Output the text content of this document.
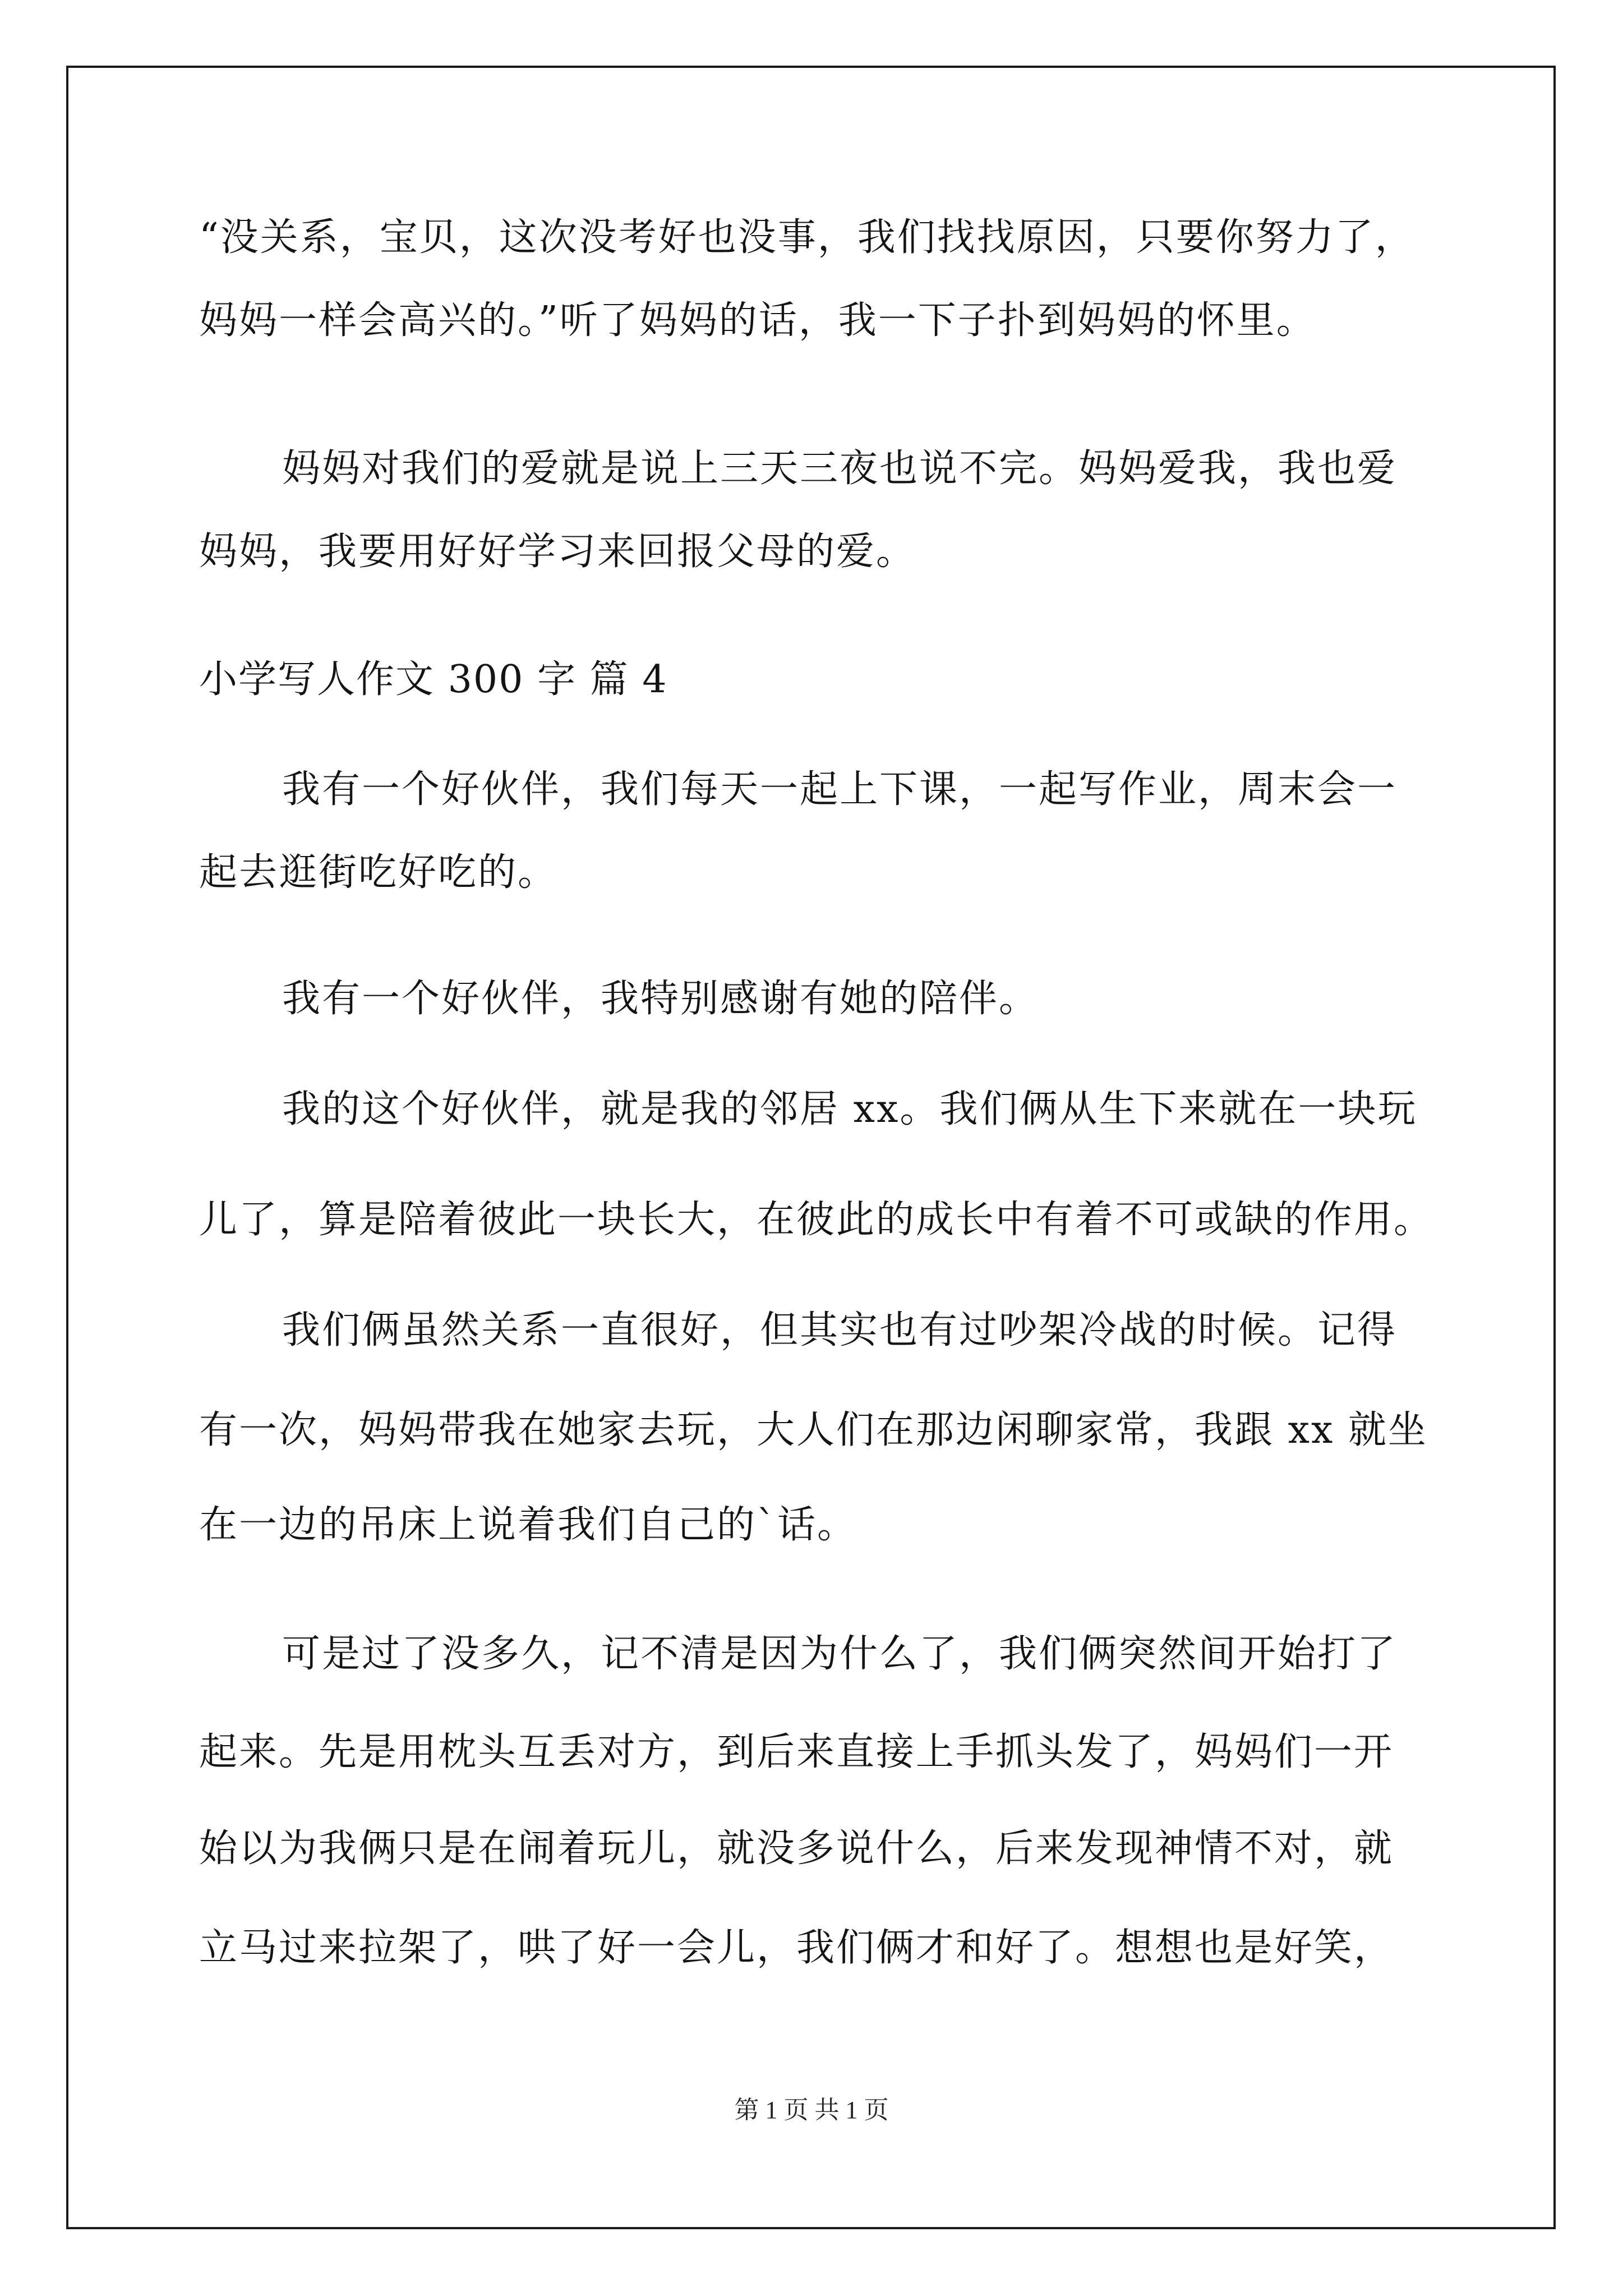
“没关系，宝贝，这次没考好也没事，我们找找原因，只要你努力了，
妈妈一样会高兴的。”听了妈妈的话，我一下子扑到妈妈的怀里。
妈妈对我们的爱就是说上三天三夜也说不完。妈妈爱我，我也爱
妈妈，我要用好好学习来回报父母的爱。
小学写人作文 300 字 篇 4
我有一个好伙伴，我们每天一起上下课，一起写作业，周末会一
起去逛街吃好吃的。
我有一个好伙伴，我特别感谢有她的陪伴。
我的这个好伙伴，就是我的邻居 xx。我们俩从生下来就在一块玩
儿了，算是陪着彼此一块长大，在彼此的成长中有着不可或缺的作用。
我们俩虽然关系一直很好，但其实也有过吵架冷战的时候。记得
有一次，妈妈带我在她家去玩，大人们在那边闲聊家常，我跟 xx 就坐
在一边的吊床上说着我们自己的`话。
可是过了没多久，记不清是因为什么了，我们俩突然间开始打了
起来。先是用枕头互丢对方，到后来直接上手抓头发了，妈妈们一开
始以为我俩只是在闹着玩儿，就没多说什么，后来发现神情不对，就
立马过来拉架了，哄了好一会儿，我们俩才和好了。想想也是好笑，
第 1 页 共 1 页
